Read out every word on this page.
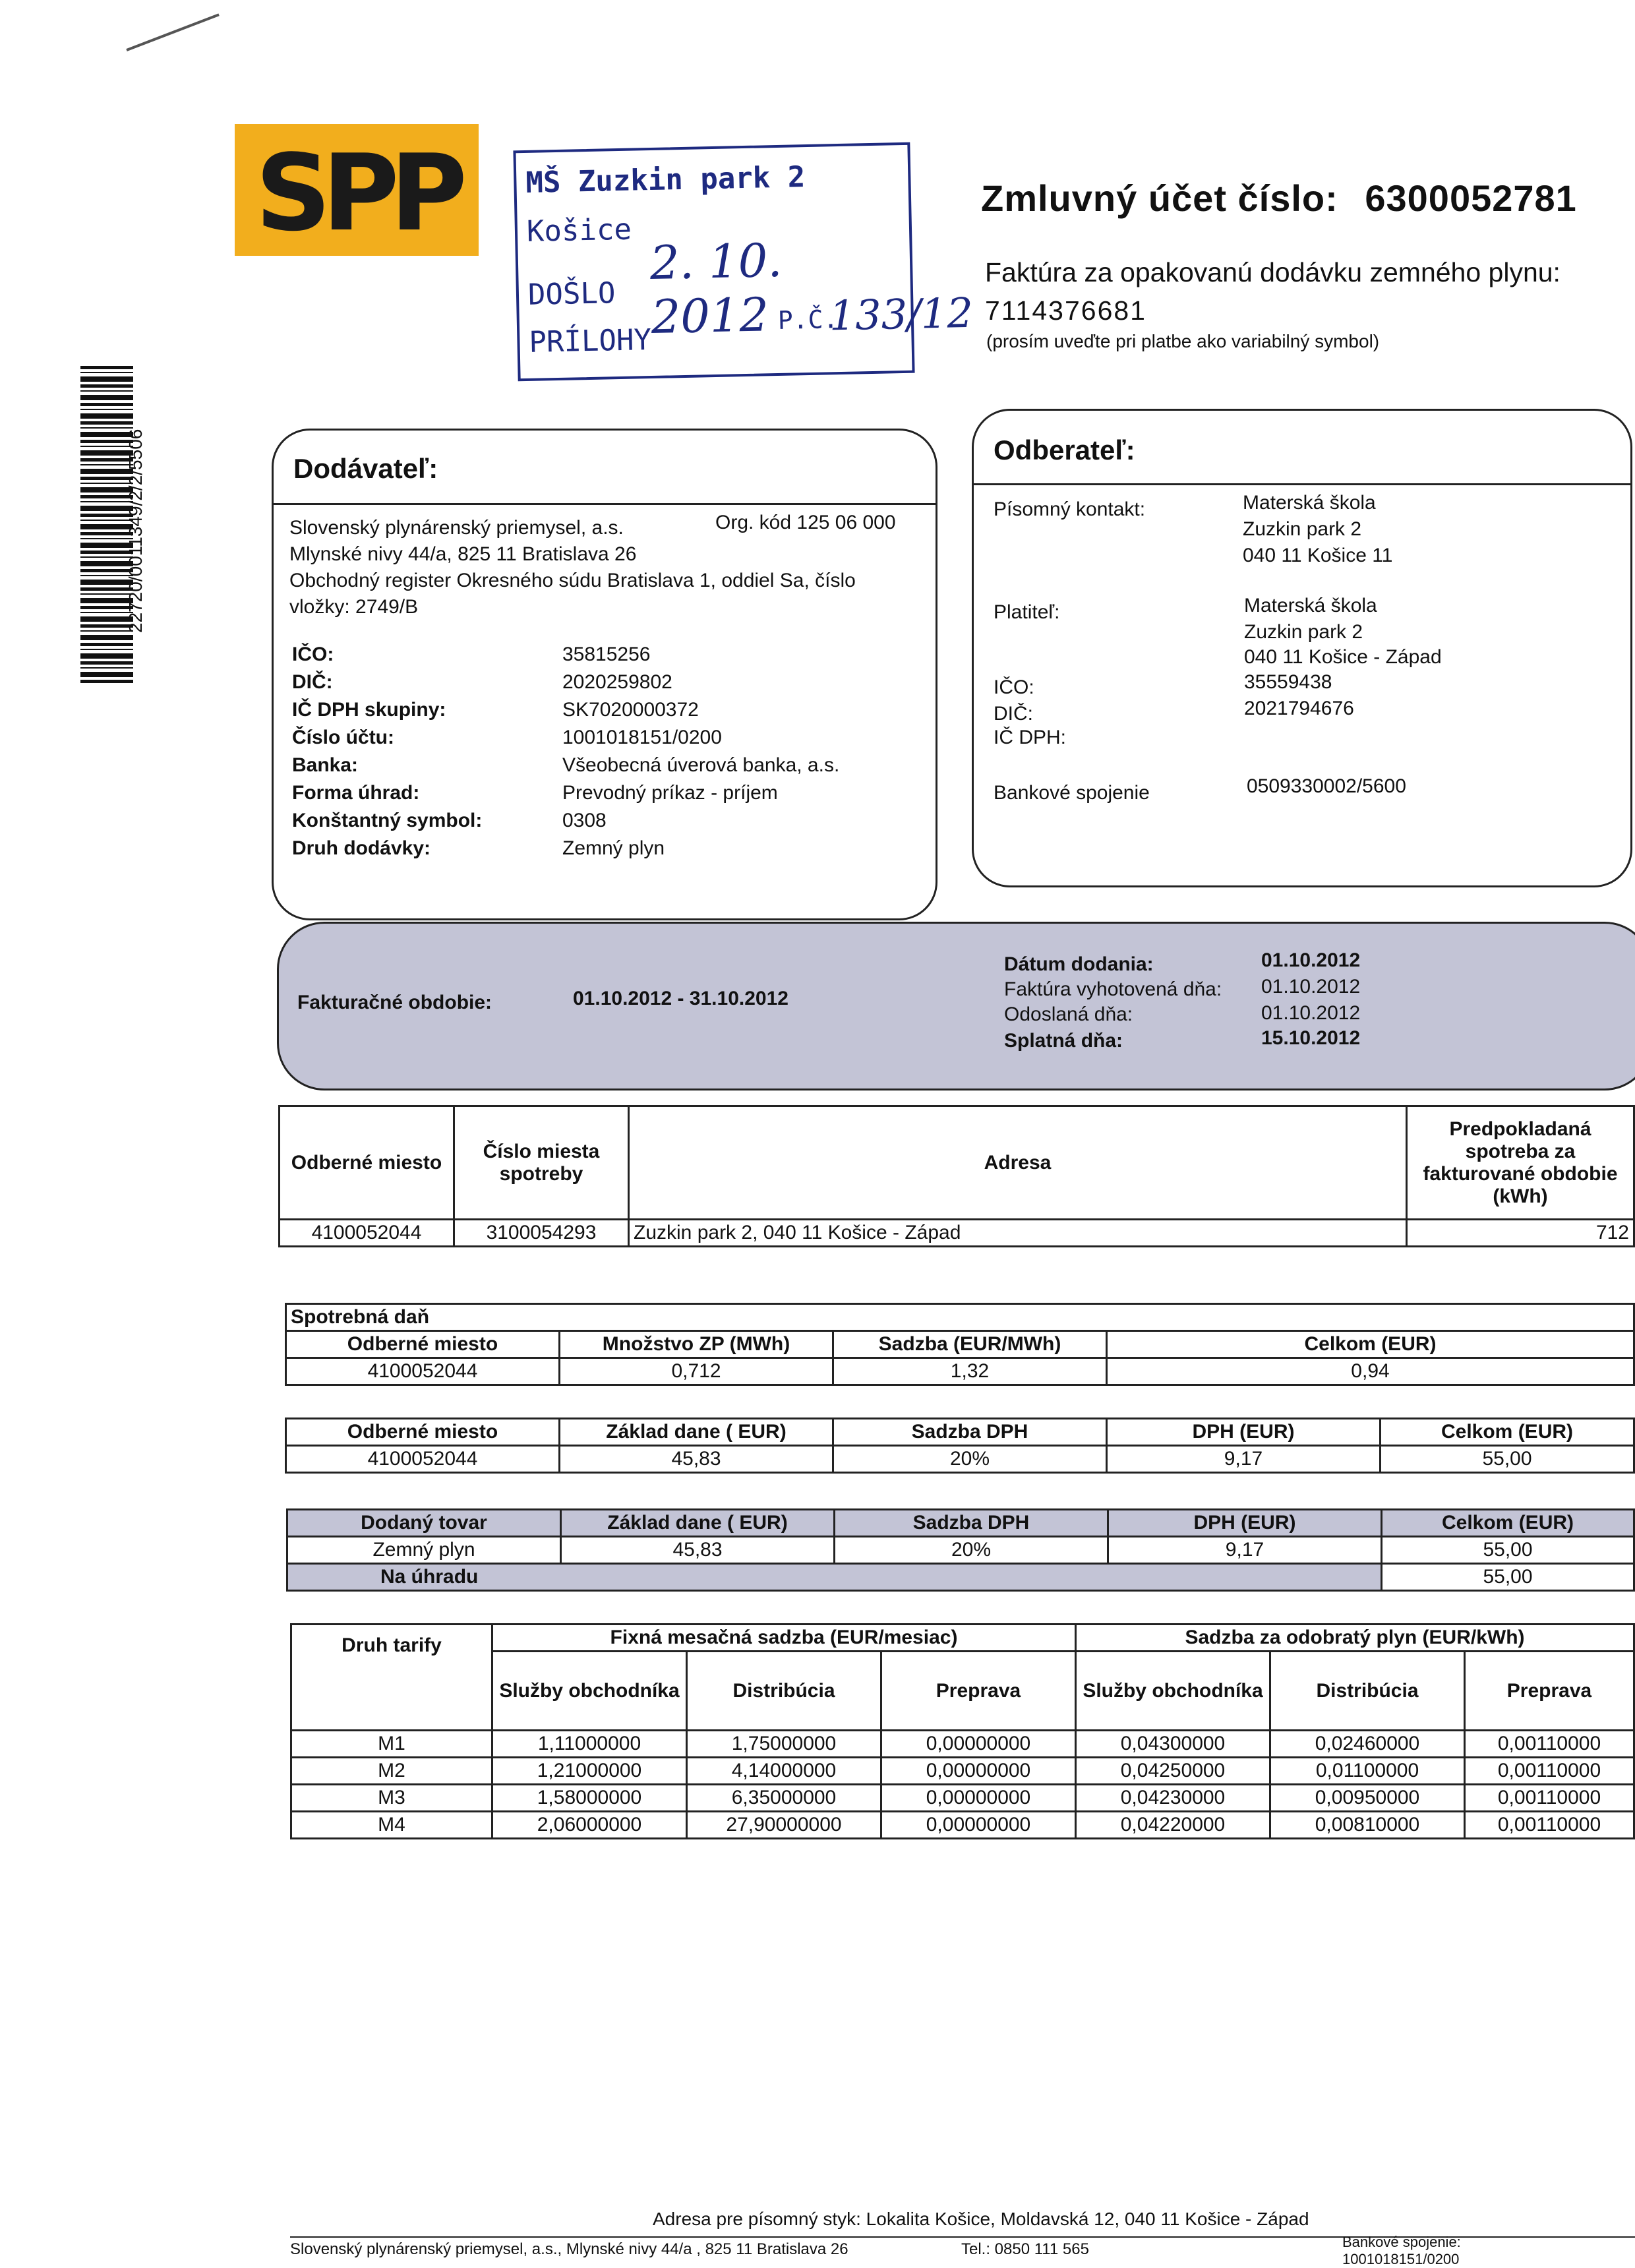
SPP MŠ Zuzkin park 2
Košice
DOŠLO
2. 10. 2012
PRÍLOHY
P.Č.
133/12
Zmluvný účet číslo: 6300052781
Faktúra za opakovanú dodávku zemného plynu:
7114376681
(prosím uveďte pri platbe ako variabilný symbol)
22720/0011349/2/2/5506	Dodávateľ:
Slovenský plynárenský priemysel, a.s.	Org. kód 125 06 000
Mlynské nivy 44/a, 825 11 Bratislava 26
Obchodný register Okresného súdu Bratislava 1, oddiel Sa, číslo
vložky: 2749/B
IČO:	35815256
DIČ:	2020259802
IČ DPH skupiny:	SK7020000372
Číslo účtu:	1001018151/0200
Banka:	Všeobecná úverová banka, a.s.
Forma úhrad:	Prevodný príkaz - príjem
Konštantný symbol:	0308
Druh dodávky:	Zemný plyn
Odberateľ:
Písomný kontakt:	Materská škola
Zuzkin park 2
040 11 Košice 11
Platiteľ:	Materská škola
Zuzkin park 2
040 11 Košice - Západ
IČO:	35559438
DIČ:	2021794676
IČ DPH:
Bankové spojenie	0509330002/5600
Fakturačné obdobie:	01.10.2012 - 31.10.2012
Dátum dodania:	01.10.2012
Faktúra vyhotovená dňa: 01.10.2012
Odoslaná dňa:	01.10.2012
Splatná dňa:	15.10.2012
Odberné miesto	Číslo miesta spotreby	Adresa	Predpokladaná spotreba za fakturované obdobie (kWh)
4100052044	3100054293	Zuzkin park 2, 040 11 Košice - Západ	712
Spotrebná daň			
Odberné miesto	Množstvo ZP (MWh)	Sadzba (EUR/MWh)	Celkom (EUR)
4100052044	0,712	1,32	0,94
Odberné miesto	Základ dane ( EUR)	Sadzba DPH	DPH (EUR)	Celkom (EUR)
4100052044	45,83	20%	9,17	55,00
Dodaný tovar	Základ dane ( EUR)	Sadzba DPH	DPH (EUR)	Celkom (EUR)
Zemný plyn	45,83	20%	9,17	55,00
Na úhradu				55,00
Druh tarify	Fixná mesačná sadzba (EUR/mesiac)			Sadzba za odobratý plyn (EUR/kWh)		
	Služby obchodníka	Distribúcia	Preprava	Služby obchodníka	Distribúcia	Preprava
M1	1,11000000	1,75000000	0,00000000	0,04300000	0,02460000	0,00110000
M2	1,21000000	4,14000000	0,00000000	0,04250000	0,01100000	0,00110000
M3	1,58000000	6,35000000	0,00000000	0,04230000	0,00950000	0,00110000
M4	2,06000000	27,90000000	0,00000000	0,04220000	0,00810000	0,00110000
Adresa pre písomný styk: Lokalita Košice, Moldavská 12, 040 11 Košice - Západ
Slovenský plynárenský priemysel, a.s., Mlynské nivy 44/a , 825 11 Bratislava 26	Tel.: 0850 111 565	Bankové spojenie:
1001018151/0200
